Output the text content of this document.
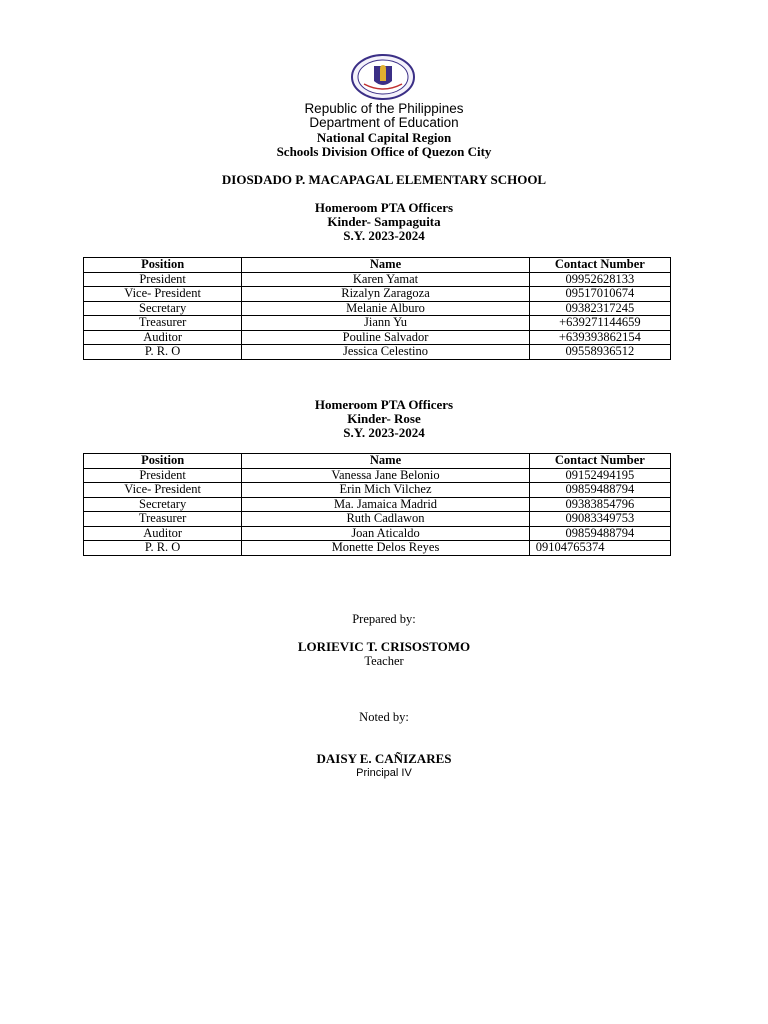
Republic of the Philippines
Department of Education
National Capital Region
Schools Division Office of Quezon City
DIOSDADO P. MACAPAGAL ELEMENTARY SCHOOL
Homeroom PTA Officers
Kinder- Sampaguita
S.Y. 2023-2024
Position	Name	Contact Number
President	Karen Yamat	09952628133
Vice- President	Rizalyn Zaragoza	09517010674
Secretary	Melanie Alburo	09382317245
Treasurer	Jiann Yu	+639271144659
Auditor	Pouline Salvador	+639393862154
P. R. O	Jessica Celestino	09558936512
Homeroom PTA Officers
Kinder- Rose
S.Y. 2023-2024
Position	Name	Contact Number
President	Vanessa Jane Belonio	09152494195
Vice- President	Erin Mich Vilchez	09859488794
Secretary	Ma. Jamaica Madrid	09383854796
Treasurer	Ruth Cadlawon	09083349753
Auditor	Joan Aticaldo	09859488794
P. R. O	Monette Delos Reyes	09104765374
Prepared by:
LORIEVIC T. CRISOSTOMO
Teacher
Noted by:
DAISY E. CAÑIZARES
Principal IV
